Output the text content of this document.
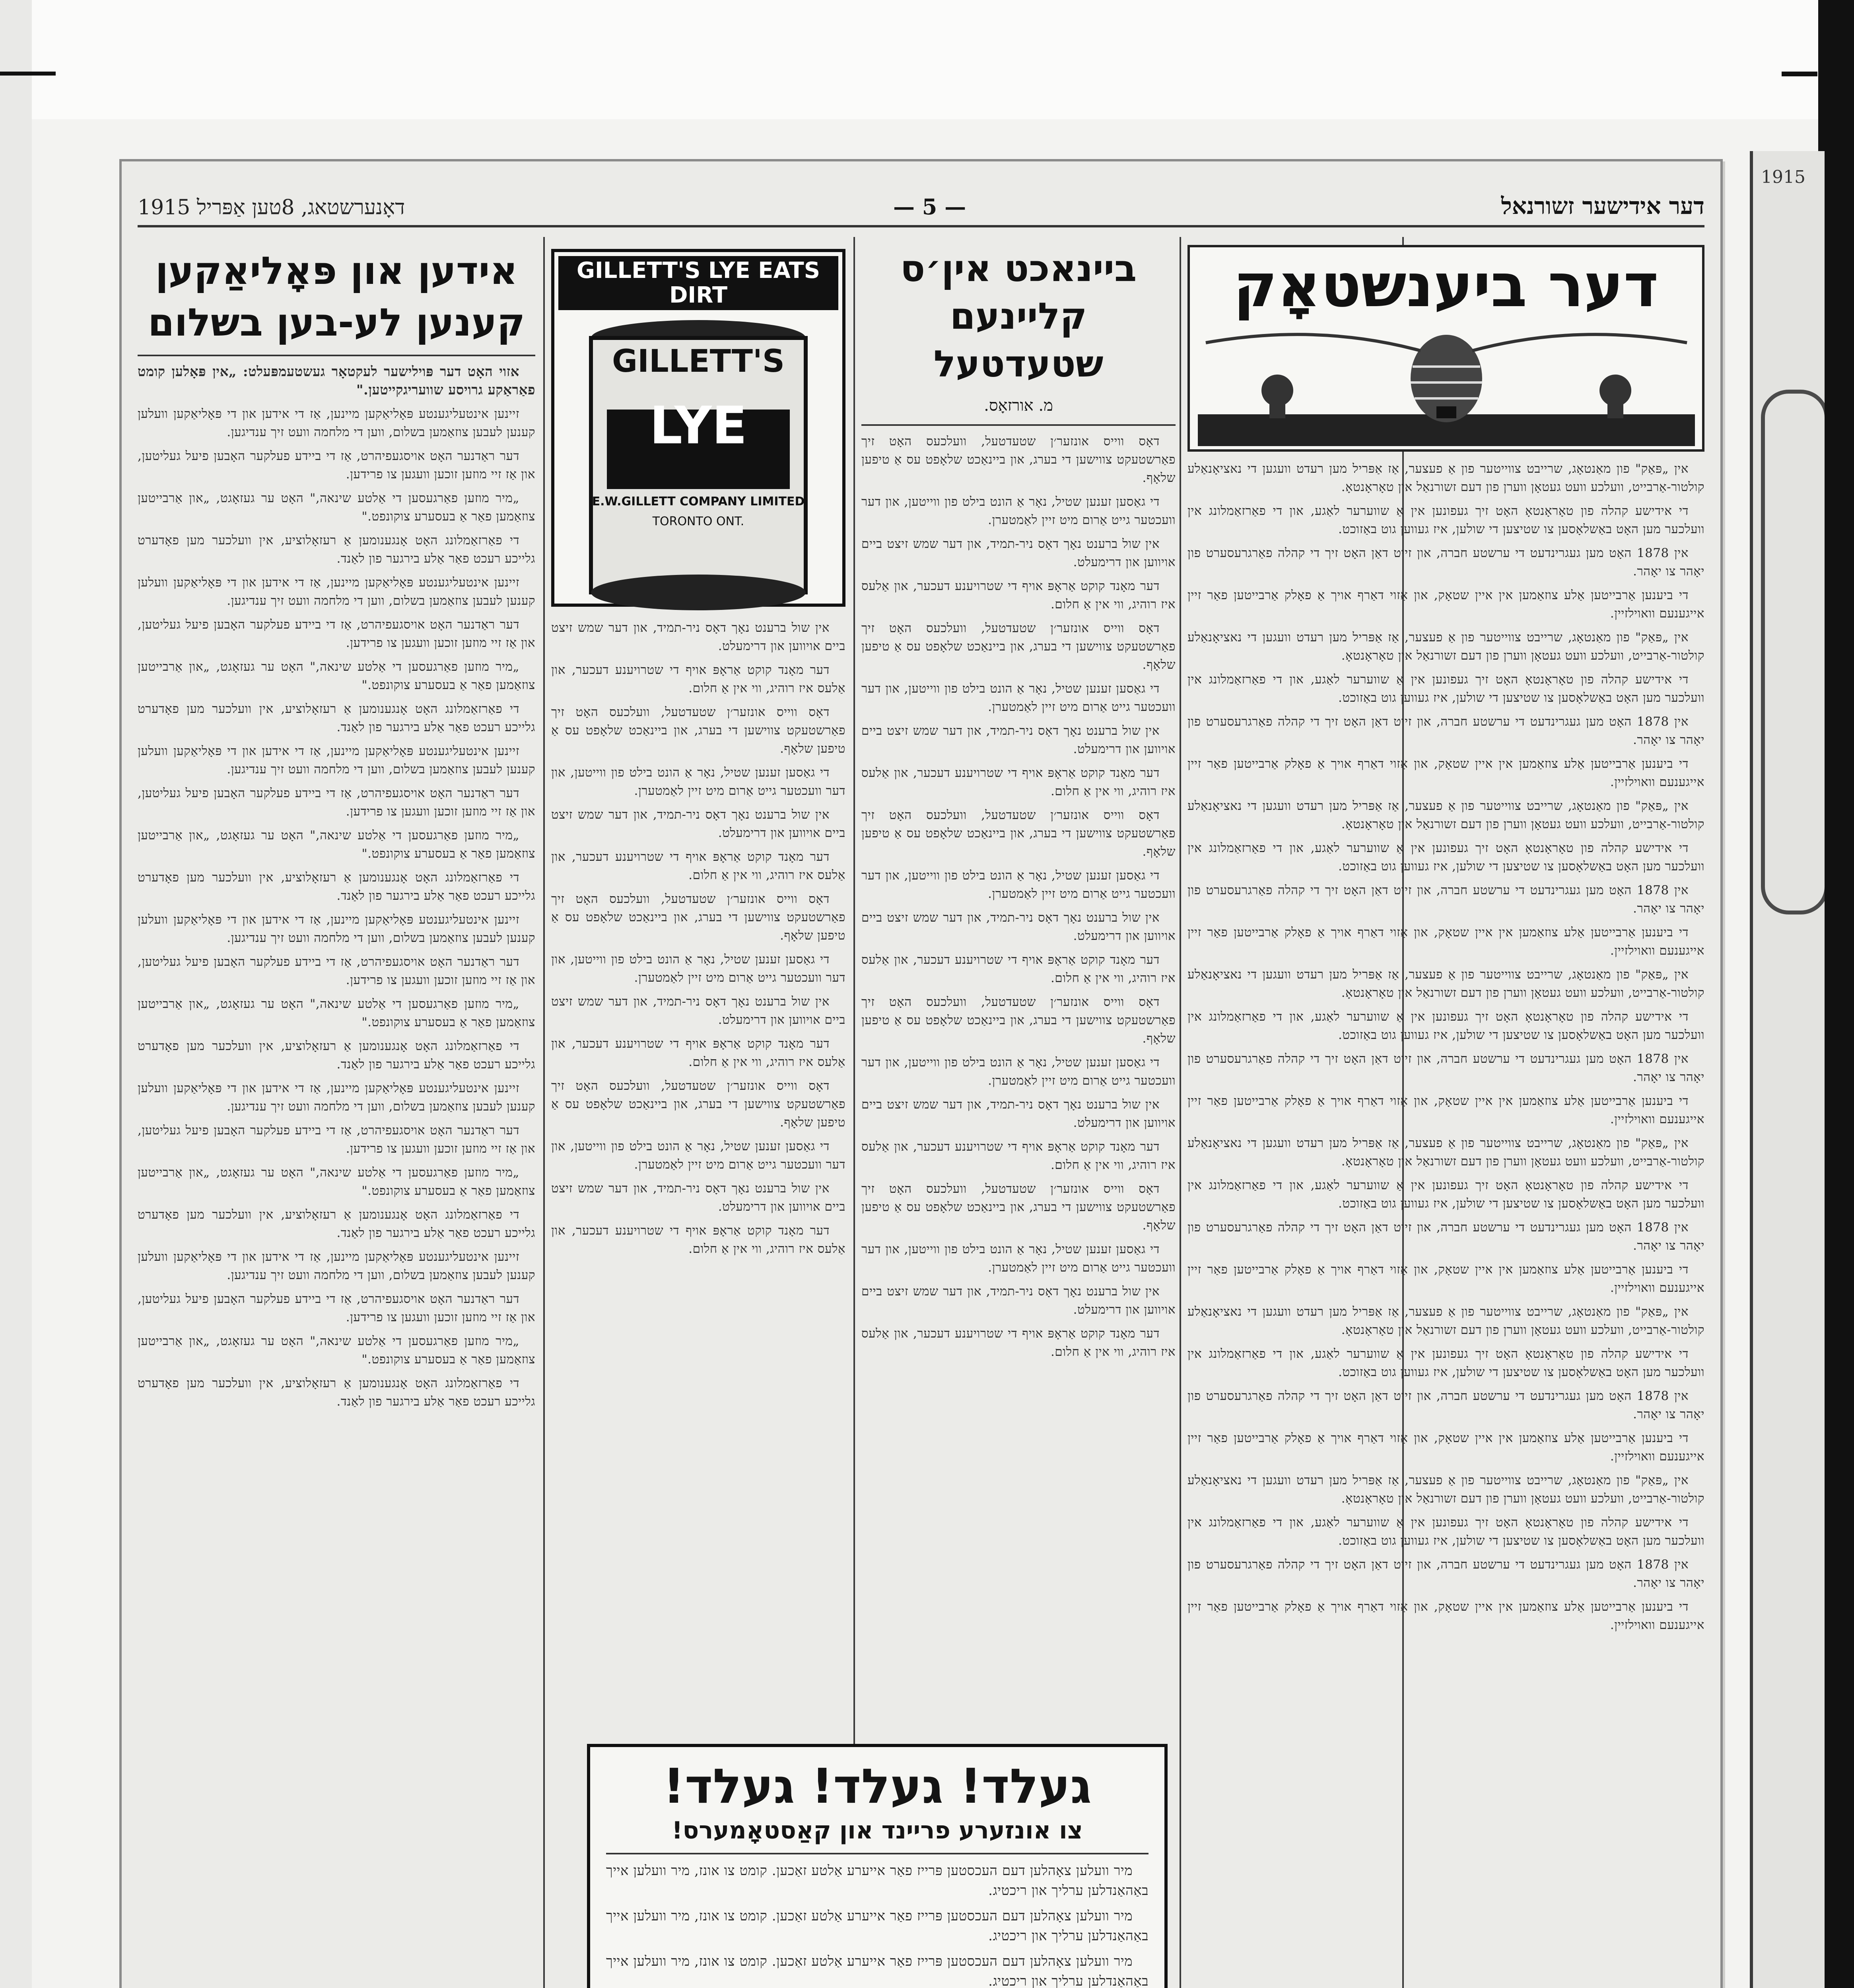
1915
דאָנערשטאג, 8טען אַפּריל 1915	— 5 —	דער אידישער זשורנאל
דער ביענשטאָק

אין „פּאַק" פון מאַנטאָג, שרייבט צווייטער פון אַ פעצער, אַז אַפּריל מען רעדט וועגען די נאציאָנאַלע קולטור-אַרבייט, וועלכע וועט געטאָן ווערן פון דעם זשורנאַל אין טאָראָנטאָ.

די אידישע קהלה פון טאָראָנטאָ האָט זיך געפונען אין אַ שווערער לאַגע, און די פאַרזאַמלונג אין וועלכער מען האָט באַשלאָסען צו שטיצען די שולען, איז געווען גוט באַזוכט.

אין 1878 האָט מען געגרינדעט די ערשטע חברה, און זייט דאַן האָט זיך די קהלה פאַרגרעסערט פון יאָהר צו יאָהר.

די ביענען אַרבייטען אַלע צוזאַמען אין איין שטאָק, און אַזוי דאַרף אויך אַ פאָלק אַרבייטען פאַר זיין אייגענעם וואוילזיין.

אין „פּאַק" פון מאַנטאָג, שרייבט צווייטער פון אַ פעצער, אַז אַפּריל מען רעדט וועגען די נאציאָנאַלע קולטור-אַרבייט, וועלכע וועט געטאָן ווערן פון דעם זשורנאַל אין טאָראָנטאָ.

די אידישע קהלה פון טאָראָנטאָ האָט זיך געפונען אין אַ שווערער לאַגע, און די פאַרזאַמלונג אין וועלכער מען האָט באַשלאָסען צו שטיצען די שולען, איז געווען גוט באַזוכט.

אין 1878 האָט מען געגרינדעט די ערשטע חברה, און זייט דאַן האָט זיך די קהלה פאַרגרעסערט פון יאָהר צו יאָהר.

די ביענען אַרבייטען אַלע צוזאַמען אין איין שטאָק, און אַזוי דאַרף אויך אַ פאָלק אַרבייטען פאַר זיין אייגענעם וואוילזיין.

אין „פּאַק" פון מאַנטאָג, שרייבט צווייטער פון אַ פעצער, אַז אַפּריל מען רעדט וועגען די נאציאָנאַלע קולטור-אַרבייט, וועלכע וועט געטאָן ווערן פון דעם זשורנאַל אין טאָראָנטאָ.

די אידישע קהלה פון טאָראָנטאָ האָט זיך געפונען אין אַ שווערער לאַגע, און די פאַרזאַמלונג אין וועלכער מען האָט באַשלאָסען צו שטיצען די שולען, איז געווען גוט באַזוכט.

אין 1878 האָט מען געגרינדעט די ערשטע חברה, און זייט דאַן האָט זיך די קהלה פאַרגרעסערט פון יאָהר צו יאָהר.

די ביענען אַרבייטען אַלע צוזאַמען אין איין שטאָק, און אַזוי דאַרף אויך אַ פאָלק אַרבייטען פאַר זיין אייגענעם וואוילזיין.

אין „פּאַק" פון מאַנטאָג, שרייבט צווייטער פון אַ פעצער, אַז אַפּריל מען רעדט וועגען די נאציאָנאַלע קולטור-אַרבייט, וועלכע וועט געטאָן ווערן פון דעם זשורנאַל אין טאָראָנטאָ.

די אידישע קהלה פון טאָראָנטאָ האָט זיך געפונען אין אַ שווערער לאַגע, און די פאַרזאַמלונג אין וועלכער מען האָט באַשלאָסען צו שטיצען די שולען, איז געווען גוט באַזוכט.

אין 1878 האָט מען געגרינדעט די ערשטע חברה, און זייט דאַן האָט זיך די קהלה פאַרגרעסערט פון יאָהר צו יאָהר.

די ביענען אַרבייטען אַלע צוזאַמען אין איין שטאָק, און אַזוי דאַרף אויך אַ פאָלק אַרבייטען פאַר זיין אייגענעם וואוילזיין.

אין „פּאַק" פון מאַנטאָג, שרייבט צווייטער פון אַ פעצער, אַז אַפּריל מען רעדט וועגען די נאציאָנאַלע קולטור-אַרבייט, וועלכע וועט געטאָן ווערן פון דעם זשורנאַל אין טאָראָנטאָ.

די אידישע קהלה פון טאָראָנטאָ האָט זיך געפונען אין אַ שווערער לאַגע, און די פאַרזאַמלונג אין וועלכער מען האָט באַשלאָסען צו שטיצען די שולען, איז געווען גוט באַזוכט.

אין 1878 האָט מען געגרינדעט די ערשטע חברה, און זייט דאַן האָט זיך די קהלה פאַרגרעסערט פון יאָהר צו יאָהר.

די ביענען אַרבייטען אַלע צוזאַמען אין איין שטאָק, און אַזוי דאַרף אויך אַ פאָלק אַרבייטען פאַר זיין אייגענעם וואוילזיין.

אין „פּאַק" פון מאַנטאָג, שרייבט צווייטער פון אַ פעצער, אַז אַפּריל מען רעדט וועגען די נאציאָנאַלע קולטור-אַרבייט, וועלכע וועט געטאָן ווערן פון דעם זשורנאַל אין טאָראָנטאָ.

די אידישע קהלה פון טאָראָנטאָ האָט זיך געפונען אין אַ שווערער לאַגע, און די פאַרזאַמלונג אין וועלכער מען האָט באַשלאָסען צו שטיצען די שולען, איז געווען גוט באַזוכט.

אין 1878 האָט מען געגרינדעט די ערשטע חברה, און זייט דאַן האָט זיך די קהלה פאַרגרעסערט פון יאָהר צו יאָהר.

די ביענען אַרבייטען אַלע צוזאַמען אין איין שטאָק, און אַזוי דאַרף אויך אַ פאָלק אַרבייטען פאַר זיין אייגענעם וואוילזיין.

אין „פּאַק" פון מאַנטאָג, שרייבט צווייטער פון אַ פעצער, אַז אַפּריל מען רעדט וועגען די נאציאָנאַלע קולטור-אַרבייט, וועלכע וועט געטאָן ווערן פון דעם זשורנאַל אין טאָראָנטאָ.

די אידישע קהלה פון טאָראָנטאָ האָט זיך געפונען אין אַ שווערער לאַגע, און די פאַרזאַמלונג אין וועלכער מען האָט באַשלאָסען צו שטיצען די שולען, איז געווען גוט באַזוכט.

אין 1878 האָט מען געגרינדעט די ערשטע חברה, און זייט דאַן האָט זיך די קהלה פאַרגרעסערט פון יאָהר צו יאָהר.

די ביענען אַרבייטען אַלע צוזאַמען אין איין שטאָק, און אַזוי דאַרף אויך אַ פאָלק אַרבייטען פאַר זיין אייגענעם וואוילזיין.

ביינאכט אין׳ס קליינעם שטעדטעל
מ. אורזאָס.

דאָס ווייס אונזער׳ן שטעדטעל, וועלכעס האָט זיך פאַרשטעקט צווישען די בערג, און ביינאַכט שלאָפט עס אַ טיפען שלאָף.

די גאַסען זענען שטיל, נאָר אַ הונט בילט פון ווייטען, און דער וועכטער גייט אַרום מיט זיין לאַמטערן.

אין שול ברענט נאָך דאָס ניר-תמיד, און דער שמש זיצט ביים אויווען און דרימעלט.

דער מאָנד קוקט אַראָפּ אויף די שטרויענע דעכער, און אַלעס איז רוהיג, ווי אין אַ חלום.

דאָס ווייס אונזער׳ן שטעדטעל, וועלכעס האָט זיך פאַרשטעקט צווישען די בערג, און ביינאַכט שלאָפט עס אַ טיפען שלאָף.

די גאַסען זענען שטיל, נאָר אַ הונט בילט פון ווייטען, און דער וועכטער גייט אַרום מיט זיין לאַמטערן.

אין שול ברענט נאָך דאָס ניר-תמיד, און דער שמש זיצט ביים אויווען און דרימעלט.

דער מאָנד קוקט אַראָפּ אויף די שטרויענע דעכער, און אַלעס איז רוהיג, ווי אין אַ חלום.

דאָס ווייס אונזער׳ן שטעדטעל, וועלכעס האָט זיך פאַרשטעקט צווישען די בערג, און ביינאַכט שלאָפט עס אַ טיפען שלאָף.

די גאַסען זענען שטיל, נאָר אַ הונט בילט פון ווייטען, און דער וועכטער גייט אַרום מיט זיין לאַמטערן.

אין שול ברענט נאָך דאָס ניר-תמיד, און דער שמש זיצט ביים אויווען און דרימעלט.

דער מאָנד קוקט אַראָפּ אויף די שטרויענע דעכער, און אַלעס איז רוהיג, ווי אין אַ חלום.

דאָס ווייס אונזער׳ן שטעדטעל, וועלכעס האָט זיך פאַרשטעקט צווישען די בערג, און ביינאַכט שלאָפט עס אַ טיפען שלאָף.

די גאַסען זענען שטיל, נאָר אַ הונט בילט פון ווייטען, און דער וועכטער גייט אַרום מיט זיין לאַמטערן.

אין שול ברענט נאָך דאָס ניר-תמיד, און דער שמש זיצט ביים אויווען און דרימעלט.

דער מאָנד קוקט אַראָפּ אויף די שטרויענע דעכער, און אַלעס איז רוהיג, ווי אין אַ חלום.

דאָס ווייס אונזער׳ן שטעדטעל, וועלכעס האָט זיך פאַרשטעקט צווישען די בערג, און ביינאַכט שלאָפט עס אַ טיפען שלאָף.

די גאַסען זענען שטיל, נאָר אַ הונט בילט פון ווייטען, און דער וועכטער גייט אַרום מיט זיין לאַמטערן.

אין שול ברענט נאָך דאָס ניר-תמיד, און דער שמש זיצט ביים אויווען און דרימעלט.

דער מאָנד קוקט אַראָפּ אויף די שטרויענע דעכער, און אַלעס איז רוהיג, ווי אין אַ חלום.

געלד! געלד! געלד!
צו אונזערע פריינד און קאַסטאָמערס!

מיר וועלען צאָהלען דעם העכסטען פּרייז פאַר אייערע אַלטע זאַכען. קומט צו אונז, מיר וועלען אייך באַהאַנדלען ערליך און ריכטיג.

מיר וועלען צאָהלען דעם העכסטען פּרייז פאַר אייערע אַלטע זאַכען. קומט צו אונז, מיר וועלען אייך באַהאַנדלען ערליך און ריכטיג.

מיר וועלען צאָהלען דעם העכסטען פּרייז פאַר אייערע אַלטע זאַכען. קומט צו אונז, מיר וועלען אייך באַהאַנדלען ערליך און ריכטיג.

GILLETT'S LYE EATS DIRT
GILLETT'S
LYE
E.W.GILLETT COMPANY LIMITED
TORONTO ONT.

אין שול ברענט נאָך דאָס ניר-תמיד, און דער שמש זיצט ביים אויווען און דרימעלט.

דער מאָנד קוקט אַראָפּ אויף די שטרויענע דעכער, און אַלעס איז רוהיג, ווי אין אַ חלום.

דאָס ווייס אונזער׳ן שטעדטעל, וועלכעס האָט זיך פאַרשטעקט צווישען די בערג, און ביינאַכט שלאָפט עס אַ טיפען שלאָף.

די גאַסען זענען שטיל, נאָר אַ הונט בילט פון ווייטען, און דער וועכטער גייט אַרום מיט זיין לאַמטערן.

אין שול ברענט נאָך דאָס ניר-תמיד, און דער שמש זיצט ביים אויווען און דרימעלט.

דער מאָנד קוקט אַראָפּ אויף די שטרויענע דעכער, און אַלעס איז רוהיג, ווי אין אַ חלום.

דאָס ווייס אונזער׳ן שטעדטעל, וועלכעס האָט זיך פאַרשטעקט צווישען די בערג, און ביינאַכט שלאָפט עס אַ טיפען שלאָף.

די גאַסען זענען שטיל, נאָר אַ הונט בילט פון ווייטען, און דער וועכטער גייט אַרום מיט זיין לאַמטערן.

אין שול ברענט נאָך דאָס ניר-תמיד, און דער שמש זיצט ביים אויווען און דרימעלט.

דער מאָנד קוקט אַראָפּ אויף די שטרויענע דעכער, און אַלעס איז רוהיג, ווי אין אַ חלום.

דאָס ווייס אונזער׳ן שטעדטעל, וועלכעס האָט זיך פאַרשטעקט צווישען די בערג, און ביינאַכט שלאָפט עס אַ טיפען שלאָף.

די גאַסען זענען שטיל, נאָר אַ הונט בילט פון ווייטען, און דער וועכטער גייט אַרום מיט זיין לאַמטערן.

אין שול ברענט נאָך דאָס ניר-תמיד, און דער שמש זיצט ביים אויווען און דרימעלט.

דער מאָנד קוקט אַראָפּ אויף די שטרויענע דעכער, און אַלעס איז רוהיג, ווי אין אַ חלום.

אידען און פּאָליאַקען קענען לע-בען בשלום

אזוי האָט דער פּוילישער לעקטאָר געשטעמפּעלט: „אין פּאָלען קומט פאַראַקע גרויסע שוועריגקייטען."

זיינען אינטעליגענטע פּאָליאַקען מיינען, אַז די אידען און די פּאָליאַקען וועלען קענען לעבען צוזאַמען בשלום, ווען די מלחמה וועט זיך ענדיגען.

דער ראַדנער האָט אויסגעפיהרט, אַז די ביידע פעלקער האָבען פיעל געליטען, און אַז זיי מוזען זוכען וועגען צו פרידען.

„מיר מוזען פאַרגעסען די אַלטע שינאה," האָט ער געזאָגט, „און אַרבייטען צוזאַמען פאַר אַ בעסערע צוקונפט."

די פאַרזאַמלונג האָט אָנגענומען אַ רעזאָלוציע, אין וועלכער מען פאָדערט גלייכע רעכט פאַר אַלע בירגער פון לאַנד.

זיינען אינטעליגענטע פּאָליאַקען מיינען, אַז די אידען און די פּאָליאַקען וועלען קענען לעבען צוזאַמען בשלום, ווען די מלחמה וועט זיך ענדיגען.

דער ראַדנער האָט אויסגעפיהרט, אַז די ביידע פעלקער האָבען פיעל געליטען, און אַז זיי מוזען זוכען וועגען צו פרידען.

„מיר מוזען פאַרגעסען די אַלטע שינאה," האָט ער געזאָגט, „און אַרבייטען צוזאַמען פאַר אַ בעסערע צוקונפט."

די פאַרזאַמלונג האָט אָנגענומען אַ רעזאָלוציע, אין וועלכער מען פאָדערט גלייכע רעכט פאַר אַלע בירגער פון לאַנד.

זיינען אינטעליגענטע פּאָליאַקען מיינען, אַז די אידען און די פּאָליאַקען וועלען קענען לעבען צוזאַמען בשלום, ווען די מלחמה וועט זיך ענדיגען.

דער ראַדנער האָט אויסגעפיהרט, אַז די ביידע פעלקער האָבען פיעל געליטען, און אַז זיי מוזען זוכען וועגען צו פרידען.

„מיר מוזען פאַרגעסען די אַלטע שינאה," האָט ער געזאָגט, „און אַרבייטען צוזאַמען פאַר אַ בעסערע צוקונפט."

די פאַרזאַמלונג האָט אָנגענומען אַ רעזאָלוציע, אין וועלכער מען פאָדערט גלייכע רעכט פאַר אַלע בירגער פון לאַנד.

זיינען אינטעליגענטע פּאָליאַקען מיינען, אַז די אידען און די פּאָליאַקען וועלען קענען לעבען צוזאַמען בשלום, ווען די מלחמה וועט זיך ענדיגען.

דער ראַדנער האָט אויסגעפיהרט, אַז די ביידע פעלקער האָבען פיעל געליטען, און אַז זיי מוזען זוכען וועגען צו פרידען.

„מיר מוזען פאַרגעסען די אַלטע שינאה," האָט ער געזאָגט, „און אַרבייטען צוזאַמען פאַר אַ בעסערע צוקונפט."

די פאַרזאַמלונג האָט אָנגענומען אַ רעזאָלוציע, אין וועלכער מען פאָדערט גלייכע רעכט פאַר אַלע בירגער פון לאַנד.

זיינען אינטעליגענטע פּאָליאַקען מיינען, אַז די אידען און די פּאָליאַקען וועלען קענען לעבען צוזאַמען בשלום, ווען די מלחמה וועט זיך ענדיגען.

דער ראַדנער האָט אויסגעפיהרט, אַז די ביידע פעלקער האָבען פיעל געליטען, און אַז זיי מוזען זוכען וועגען צו פרידען.

„מיר מוזען פאַרגעסען די אַלטע שינאה," האָט ער געזאָגט, „און אַרבייטען צוזאַמען פאַר אַ בעסערע צוקונפט."

די פאַרזאַמלונג האָט אָנגענומען אַ רעזאָלוציע, אין וועלכער מען פאָדערט גלייכע רעכט פאַר אַלע בירגער פון לאַנד.

זיינען אינטעליגענטע פּאָליאַקען מיינען, אַז די אידען און די פּאָליאַקען וועלען קענען לעבען צוזאַמען בשלום, ווען די מלחמה וועט זיך ענדיגען.

דער ראַדנער האָט אויסגעפיהרט, אַז די ביידע פעלקער האָבען פיעל געליטען, און אַז זיי מוזען זוכען וועגען צו פרידען.

„מיר מוזען פאַרגעסען די אַלטע שינאה," האָט ער געזאָגט, „און אַרבייטען צוזאַמען פאַר אַ בעסערע צוקונפט."

די פאַרזאַמלונג האָט אָנגענומען אַ רעזאָלוציע, אין וועלכער מען פאָדערט גלייכע רעכט פאַר אַלע בירגער פון לאַנד.
